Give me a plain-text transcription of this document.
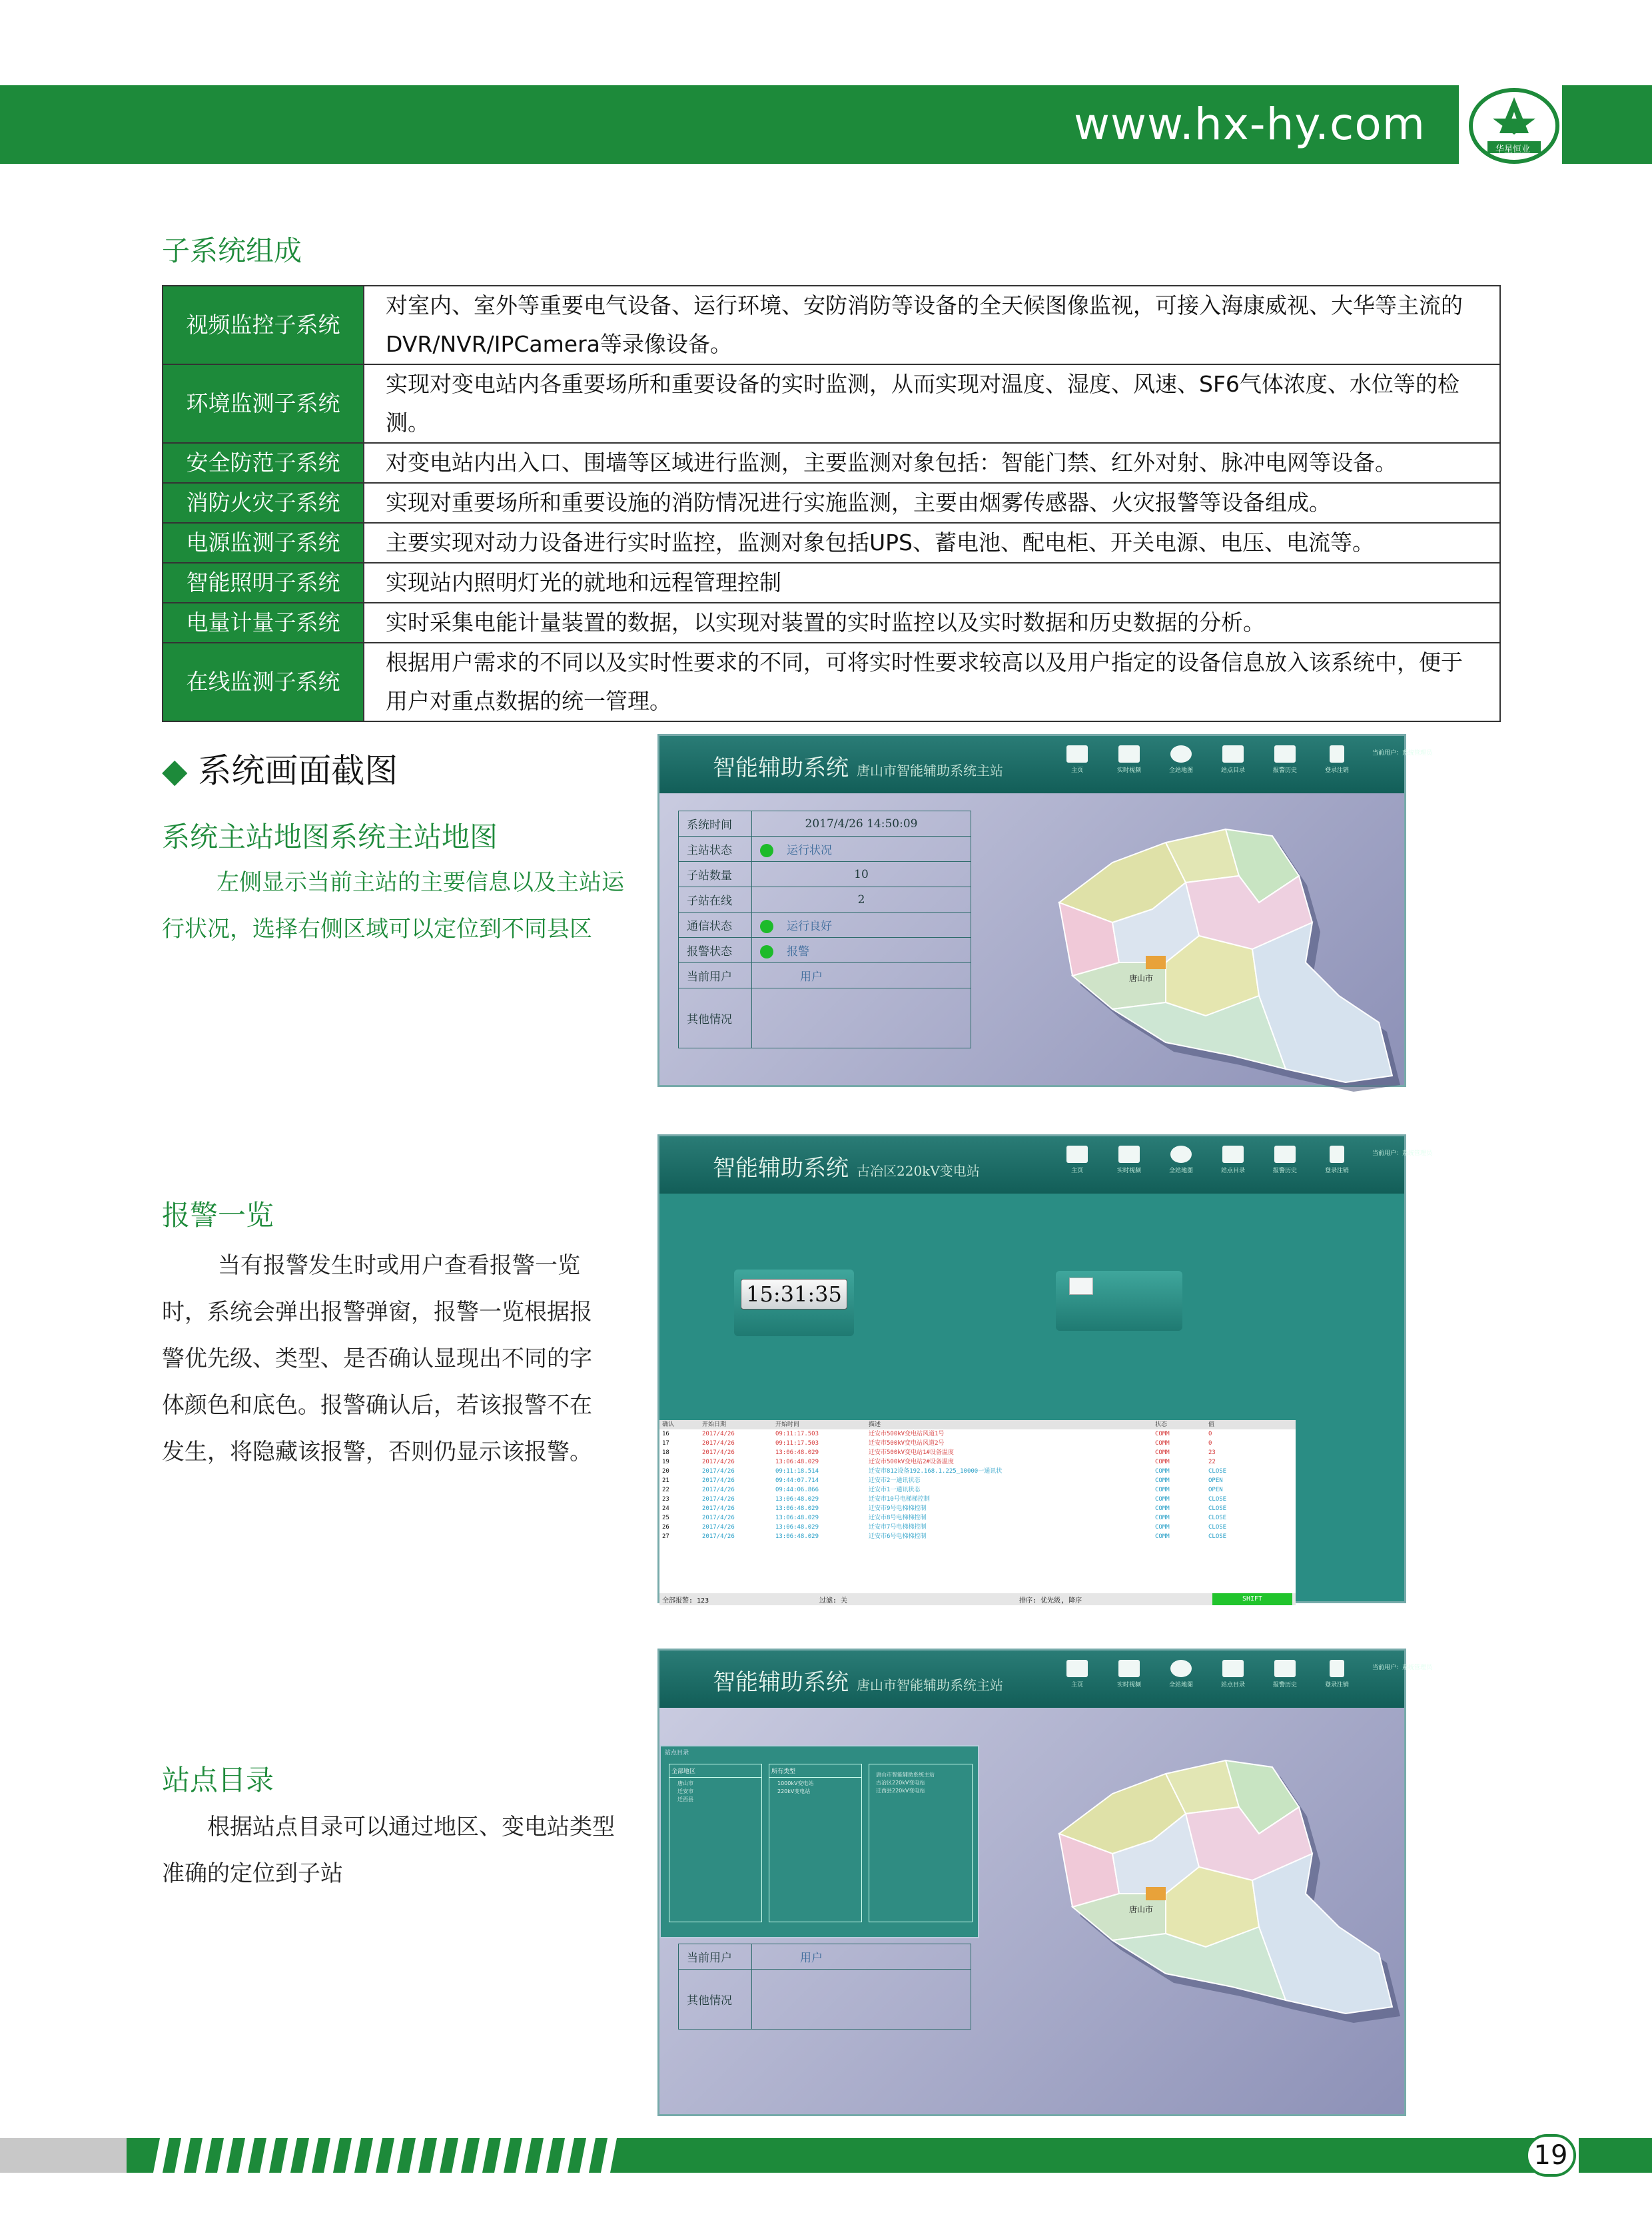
www.hx-hy.com	华星恒业
子系统组成
视频监控子系统	对室内、室外等重要电气设备、运行环境、安防消防等设备的全天候图像监视，可接入海康威视、大华等主流的
DVR/NVR/IPCamera等录像设备。

环境监测子系统	实现对变电站内各重要场所和重要设备的实时监测，从而实现对温度、湿度、风速、SF6气体浓度、水位等的检测。

安全防范子系统	对变电站内出入口、围墙等区域进行监测，主要监测对象包括：智能门禁、红外对射、脉冲电网等设备。

消防火灾子系统	实现对重要场所和重要设施的消防情况进行实施监测，主要由烟雾传感器、火灾报警等设备组成。

电源监测子系统	主要实现对动力设备进行实时监控，监测对象包括UPS、蓄电池、配电柜、开关电源、电压、电流等。

智能照明子系统	实现站内照明灯光的就地和远程管理控制

电量计量子系统	实时采集电能计量装置的数据，以实现对装置的实时监控以及实时数据和历史数据的分析。

在线监测子系统	根据用户需求的不同以及实时性要求的不同，可将实时性要求较高以及用户指定的设备信息放入该系统中，便于
用户对重点数据的统一管理。
◆ 系统画面截图
系统主站地图系统主站地图
左侧显示当前主站的主要信息以及主站运
行状况，选择右侧区域可以定位到不同县区
智能辅助系统 唐山市智能辅助系统主站	主页	实时视频	全站地图	站点目录	报警历史	登录注销
当前用户：系统管理员
系统时间	2017/4/26 14:50:09
主站状态	运行状况
子站数量	10
子站在线	2
通信状态	运行良好
报警状态	报警
当前用户	用户
其他情况	
唐山市
报警一览
当有报警发生时或用户查看报警一览
时，系统会弹出报警弹窗，报警一览根据报
警优先级、类型、是否确认显现出不同的字
体颜色和底色。报警确认后，若该报警不在
发生，将隐藏该报警，否则仍显示该报警。
智能辅助系统 古冶区220kV变电站	主页	实时视频	全站地图	站点目录	报警历史	登录注销
当前用户：系统管理员
15:31:35
确认	开始日期	开始时间	描述	状态	值
16	2017/4/26	09:11:17.503	迁安市500kV变电站风道1号	COMM	0
17	2017/4/26	09:11:17.503	迁安市500kV变电站风道2号	COMM	0
18	2017/4/26	13:06:48.029	迁安市500kV变电站1#设备温度	COMM	23
19	2017/4/26	13:06:48.029	迁安市500kV变电站2#设备温度	COMM	22
20	2017/4/26	09:11:18.514	迁安市812设备192.168.1.225_10000一通讯状	COMM	CLOSE
21	2017/4/26	09:44:07.714	迁安市2一通讯状态	COMM	OPEN
22	2017/4/26	09:44:06.866	迁安市1一通讯状态	COMM	OPEN
23	2017/4/26	13:06:48.029	迁安市10号电梯梯控制	COMM	CLOSE
24	2017/4/26	13:06:48.029	迁安市9号电梯梯控制	COMM	CLOSE
25	2017/4/26	13:06:48.029	迁安市8号电梯梯控制	COMM	CLOSE
26	2017/4/26	13:06:48.029	迁安市7号电梯梯控制	COMM	CLOSE
27	2017/4/26	13:06:48.029	迁安市6号电梯梯控制	COMM	CLOSE
全部报警: 123	过滤: 关	排序: 优先级, 降序	SHIFT
站点目录
根据站点目录可以通过地区、变电站类型
准确的定位到子站
智能辅助系统 唐山市智能辅助系统主站	主页	实时视频	全站地图	站点目录	报警历史	登录注销
当前用户：系统管理员
当前用户	用户
其他情况	
站点目录
全部地区
唐山市
迁安市
迁西县
所有类型
1000kV变电站
220kV变电站
唐山市智能辅助系统主站
古冶区220kV变电站
迁西县220kV变电站
唐山市
19
